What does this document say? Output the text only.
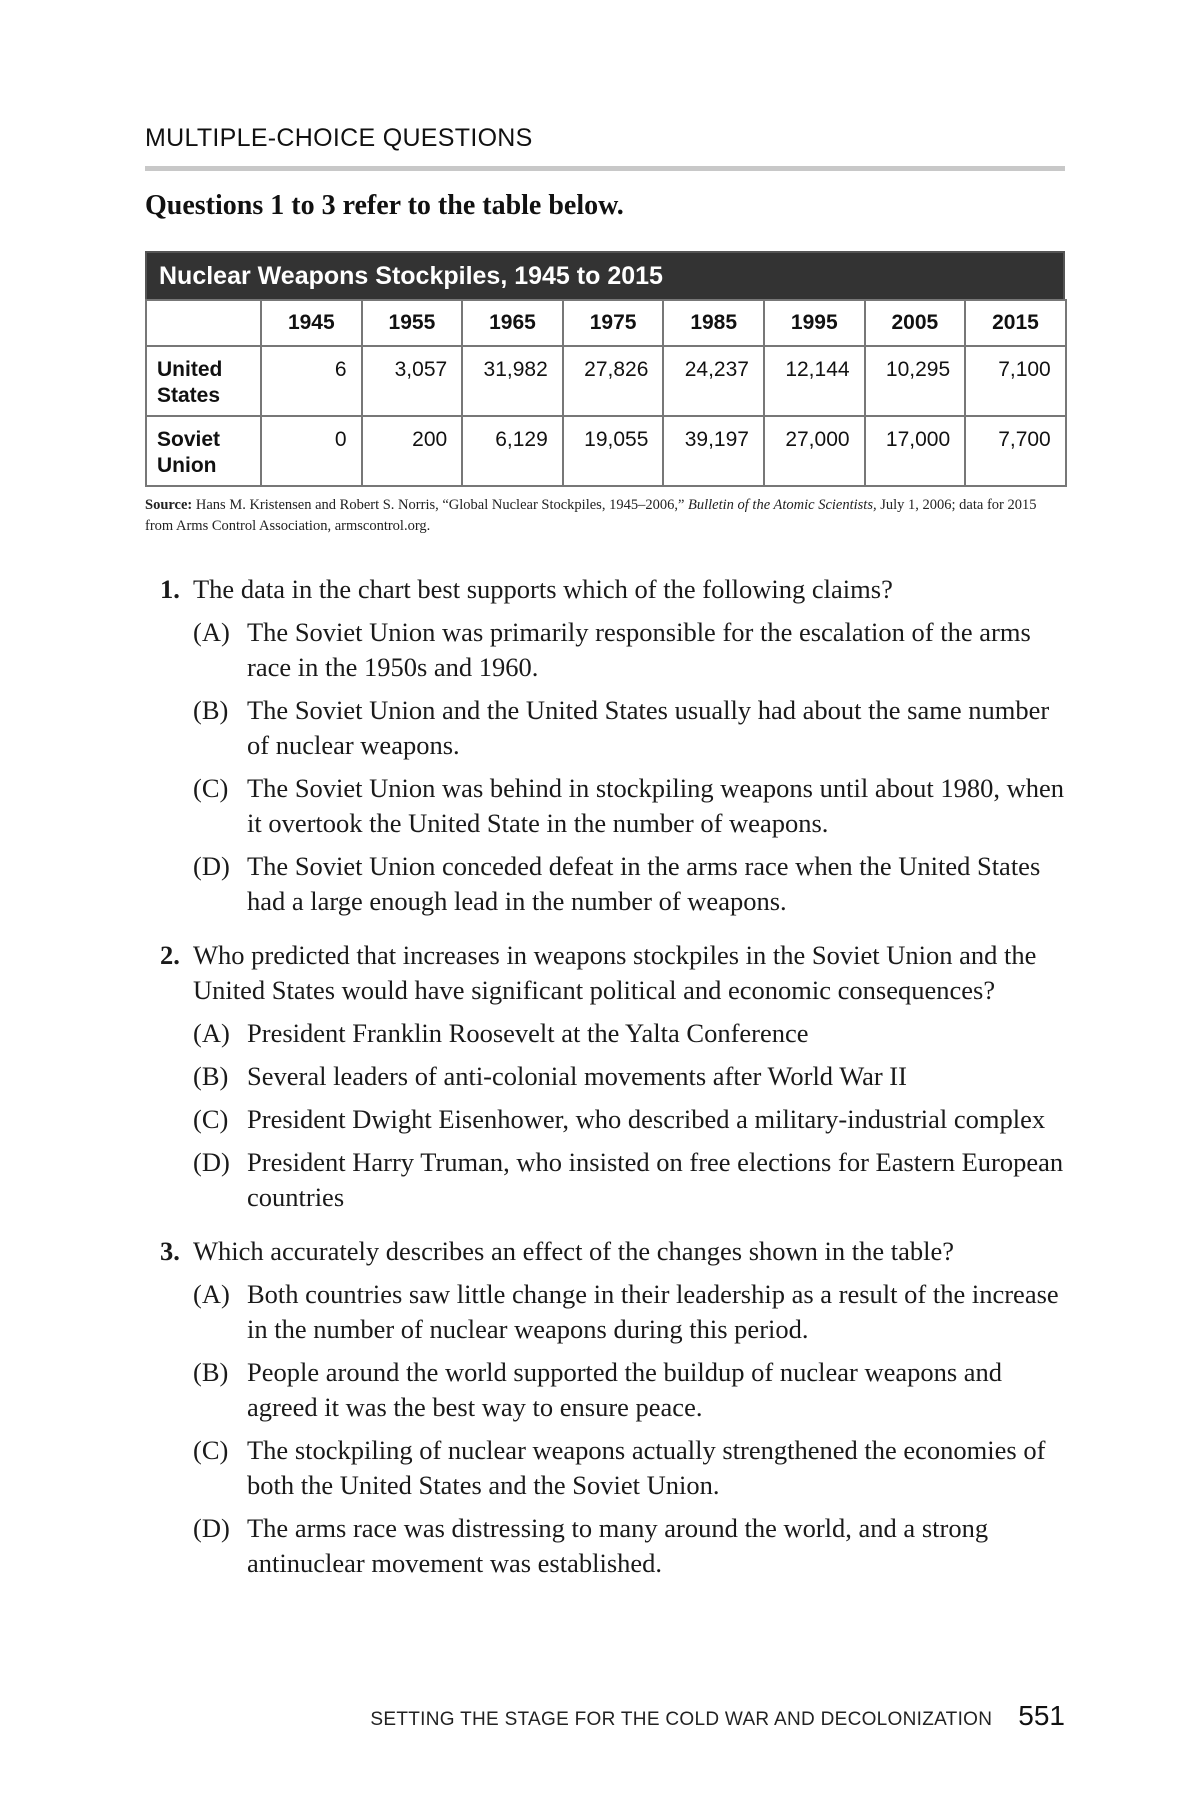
MULTIPLE-CHOICE QUESTIONS
Questions 1 to 3 refer to the table below.
Nuclear Weapons Stockpiles, 1945 to 2015
	1945	1955	1965	1975	1985	1995	2005	2015
United
States	6	3,057	31,982	27,826	24,237	12,144	10,295	7,100
Soviet
Union	0	200	6,129	19,055	39,197	27,000	17,000	7,700
Source: Hans M. Kristensen and Robert S. Norris, “Global Nuclear Stockpiles, 1945–2006,” Bulletin of the Atomic Scientists, July 1, 2006; data for 2015 from Arms Control Association, armscontrol.org.
1. The data in the chart best supports which of the following claims?
(A) The Soviet Union was primarily responsible for the escalation of the arms race in the 1950s and 1960.
(B) The Soviet Union and the United States usually had about the same number of nuclear weapons.
(C) The Soviet Union was behind in stockpiling weapons until about 1980, when it overtook the United State in the number of weapons.
(D) The Soviet Union conceded defeat in the arms race when the United States had a large enough lead in the number of weapons.
2. Who predicted that increases in weapons stockpiles in the Soviet Union and the United States would have significant political and economic consequences?
(A) President Franklin Roosevelt at the Yalta Conference
(B) Several leaders of anti-colonial movements after World War II
(C) President Dwight Eisenhower, who described a military-industrial complex
(D) President Harry Truman, who insisted on free elections for Eastern European countries
3. Which accurately describes an effect of the changes shown in the table?
(A) Both countries saw little change in their leadership as a result of the increase in the number of nuclear weapons during this period.
(B) People around the world supported the buildup of nuclear weapons and agreed it was the best way to ensure peace.
(C) The stockpiling of nuclear weapons actually strengthened the economies of both the United States and the Soviet Union.
(D) The arms race was distressing to many around the world, and a strong antinuclear movement was established.
SETTING THE STAGE FOR THE COLD WAR AND DECOLONIZATION 551
